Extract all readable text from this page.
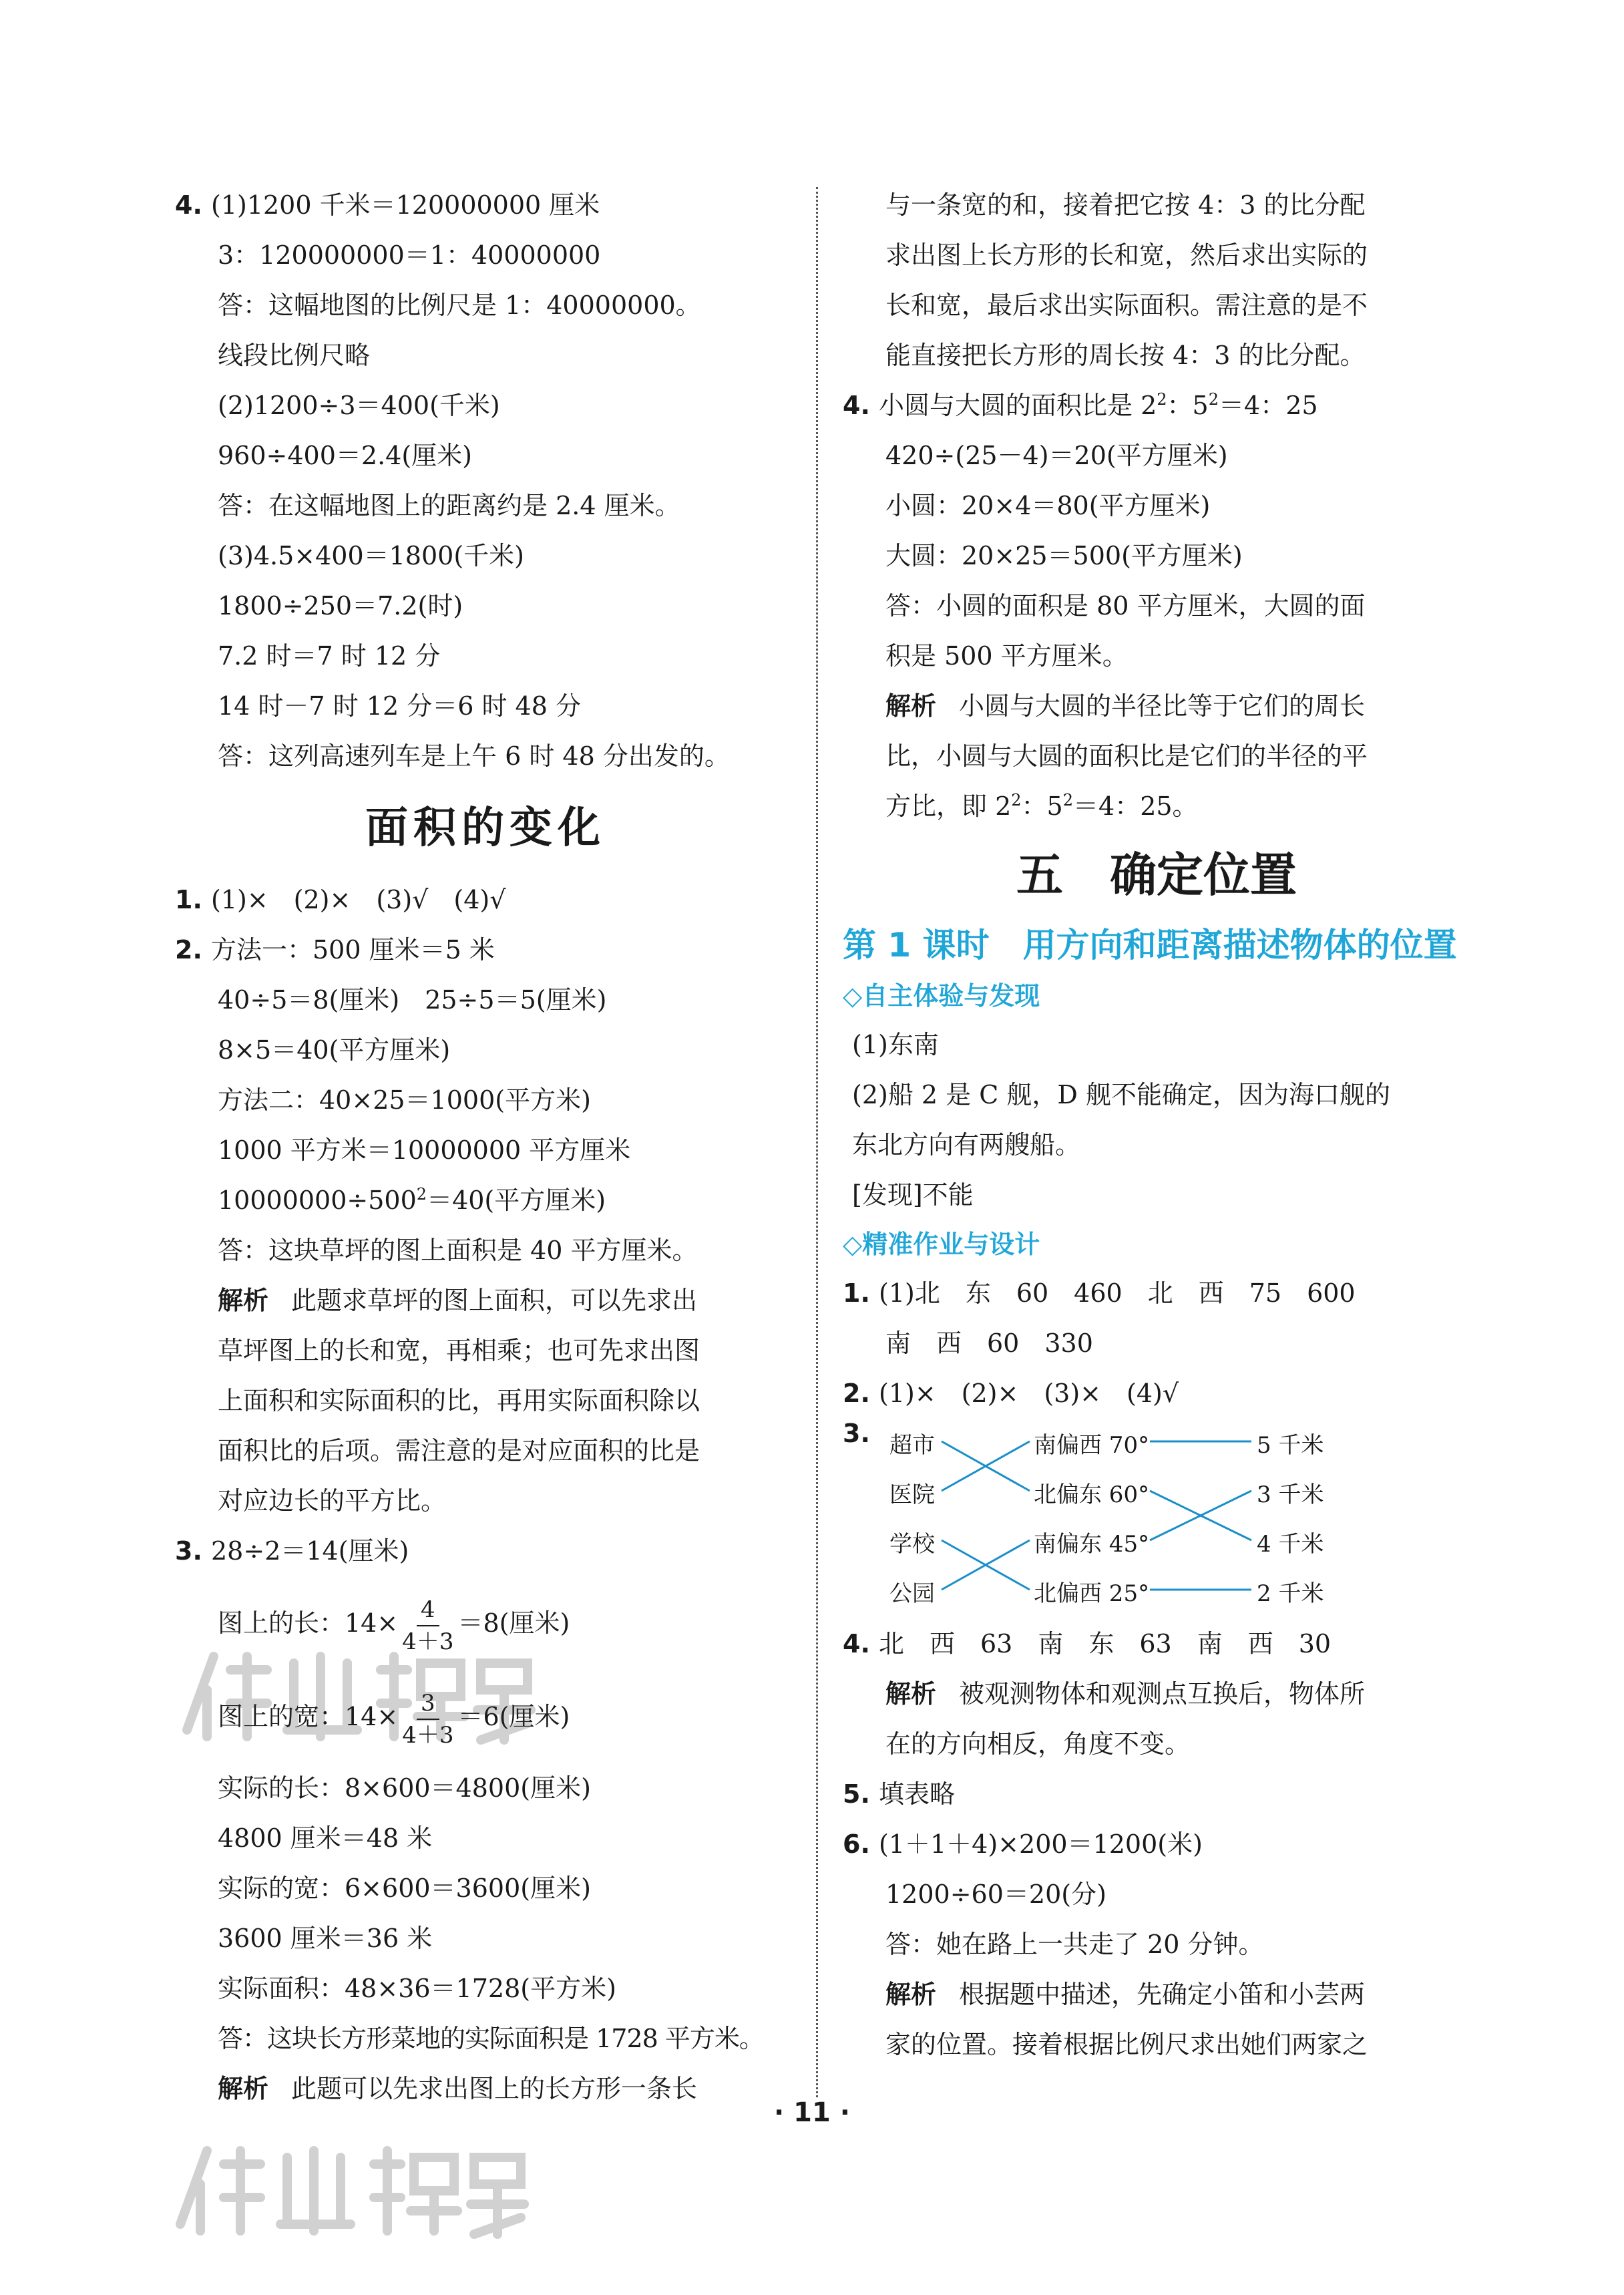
4. (1)1200 千米＝120000000 厘米
3：120000000＝1：40000000
答：这幅地图的比例尺是 1：40000000。
线段比例尺略
(2)1200÷3＝400(千米)
960÷400＝2.4(厘米)
答：在这幅地图上的距离约是 2.4 厘米。
(3)4.5×400＝1800(千米)
1800÷250＝7.2(时)
7.2 时＝7 时 12 分
14 时－7 时 12 分＝6 时 48 分
答：这列高速列车是上午 6 时 48 分出发的。
面积的变化
1. (1)×　(2)×　(3)√　(4)√
2. 方法一：500 厘米＝5 米
40÷5＝8(厘米)　25÷5＝5(厘米)
8×5＝40(平方厘米)
方法二：40×25＝1000(平方米)
1000 平方米＝10000000 平方厘米
$10000000\div 500^2=40$(平方厘米)
答：这块草坪的图上面积是 40 平方厘米。
解析 此题求草坪的图上面积，可以先求出
草坪图上的长和宽，再相乘；也可先求出图
上面积和实际面积的比，再用实际面积除以
面积比的后项。需注意的是对应面积的比是
对应边长的平方比。
3. 28÷2＝14(厘米)
图上的长：$14\times \frac{4}{4+3} =8$(厘米)
图上的宽：$14\times \frac{3}{4+3} =6$(厘米)
实际的长：8×600＝4800(厘米)
4800 厘米＝48 米
实际的宽：6×600＝3600(厘米)
3600 厘米＝36 米
实际面积：48×36＝1728(平方米)
答：这块长方形菜地的实际面积是 1728 平方米。
解析 此题可以先求出图上的长方形一条长
与一条宽的和，接着把它按 4：3 的比分配
求出图上长方形的长和宽，然后求出实际的
长和宽，最后求出实际面积。需注意的是不
能直接把长方形的周长按 4：3 的比分配。
4. 小圆与大圆的面积比是 $2^2$：$5^2=4$：25
420÷(25－4)＝20(平方厘米)
小圆：20×4＝80(平方厘米)
大圆：20×25＝500(平方厘米)
答：小圆的面积是 80 平方厘米，大圆的面
积是 500 平方厘米。
解析 小圆与大圆的半径比等于它们的周长
比，小圆与大圆的面积比是它们的半径的平
方比，即 $2^2$：$5^2=4$：25。
五　确定位置
第 1 课时　用方向和距离描述物体的位置
◇自主体验与发现
(1)东南
(2)船 2 是 C 舰，D 舰不能确定，因为海口舰的
东北方向有两艘船。
[发现]不能
◇精准作业与设计
1. (1)北　东　60　460　北　西　75　600
南　西　60　330
2. (1)×　(2)×　(3)×　(4)√
3. 超市
医院
学校
公园
南偏西 70°
北偏东 60°
南偏东 45°
北偏西 25°
5 千米
3 千米
4 千米
2 千米
4. 北　西　63　南　东　63　南　西　30
解析 被观测物体和观测点互换后，物体所
在的方向相反，角度不变。
5. 填表略
6. (1＋1＋4)×200＝1200(米)
1200÷60＝20(分)
答：她在路上一共走了 20 分钟。
解析 根据题中描述，先确定小笛和小芸两
家的位置。接着根据比例尺求出她们两家之
· 11 ·
